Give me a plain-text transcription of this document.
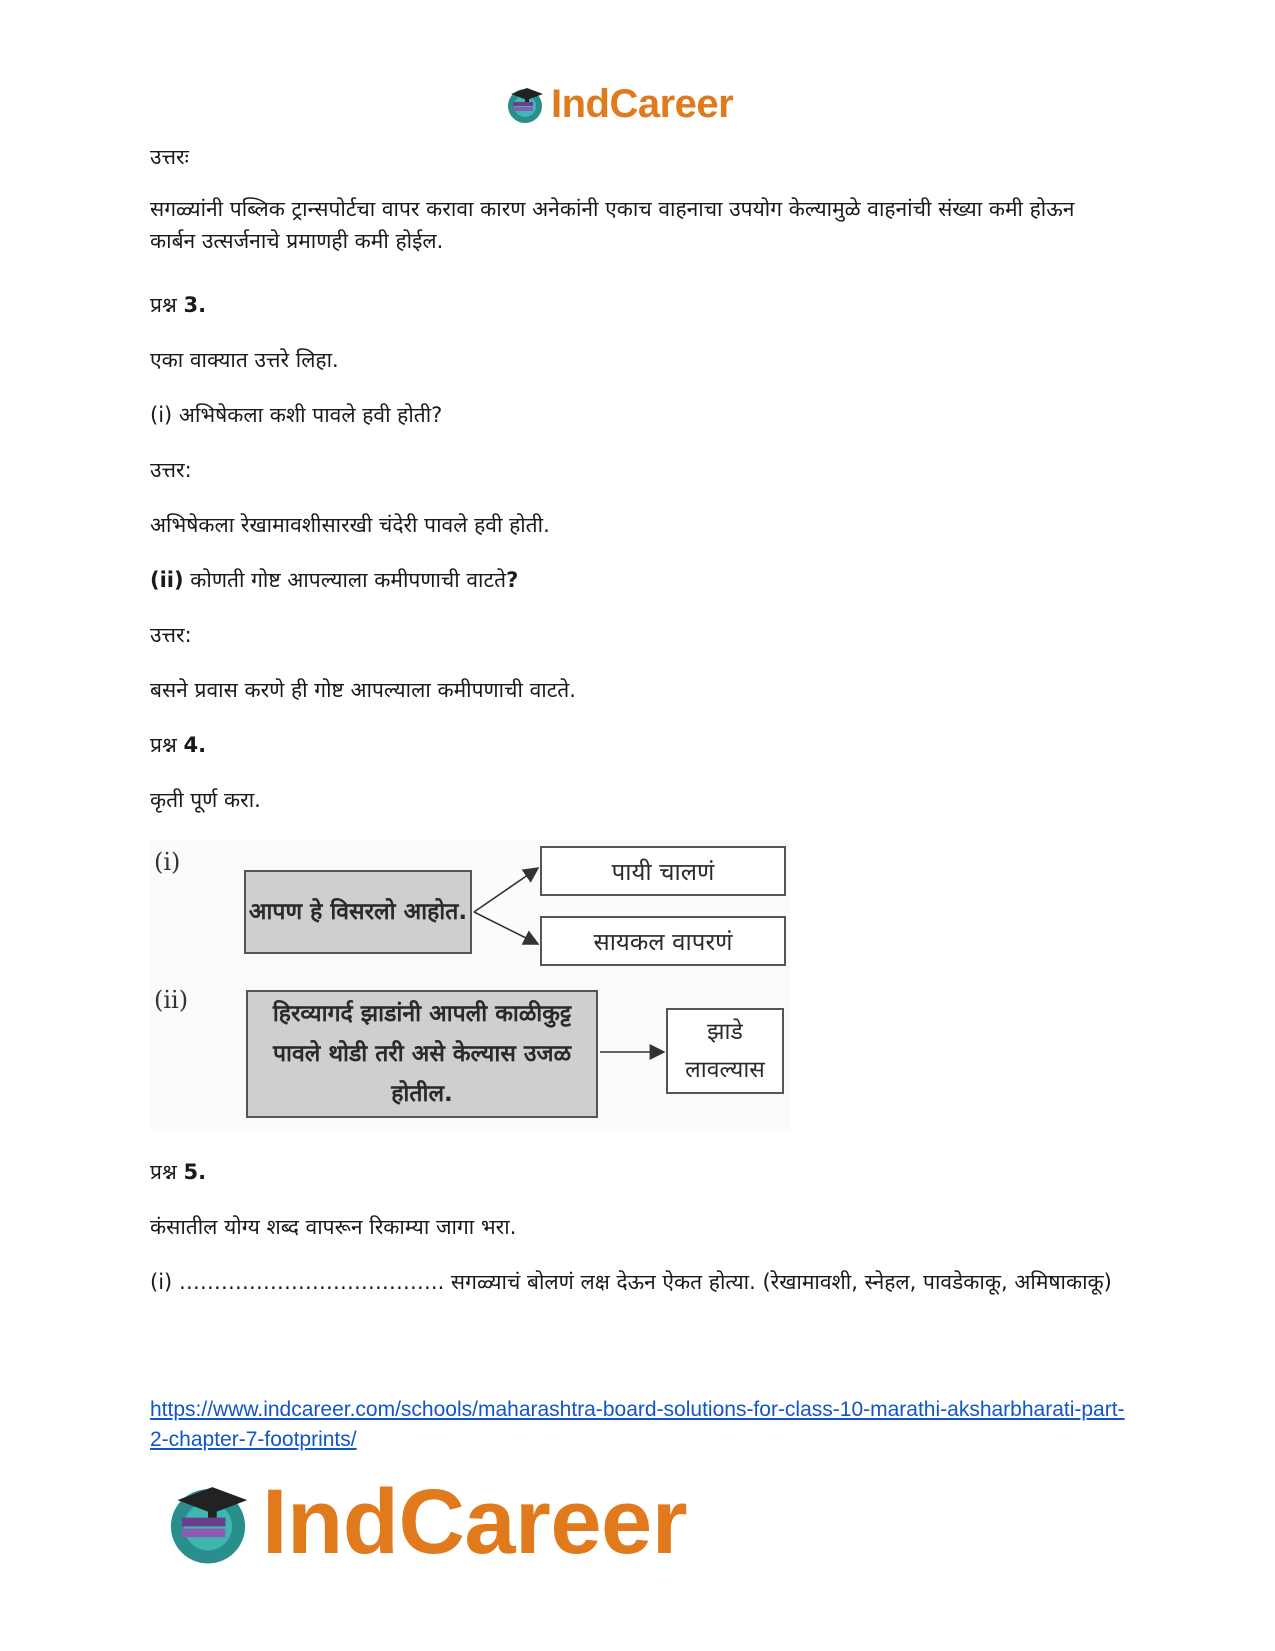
IndCareer

उत्तरः

सगळ्यांनी पब्लिक ट्रान्सपोर्टचा वापर करावा कारण अनेकांनी एकाच वाहनाचा उपयोग केल्यामुळे वाहनांची संख्या कमी होऊन कार्बन उत्सर्जनाचे प्रमाणही कमी होईल.

प्रश्न 3.

एका वाक्यात उत्तरे लिहा.

(i) अभिषेकला कशी पावले हवी होती?

उत्तर:

अभिषेकला रेखामावशीसारखी चंदेरी पावले हवी होती.

(ii) कोणती गोष्ट आपल्याला कमीपणाची वाटते?

उत्तर:

बसने प्रवास करणे ही गोष्ट आपल्याला कमीपणाची वाटते.

प्रश्न 4.

कृती पूर्ण करा.

(i)
आपण हे विसरलो आहोत.
पायी चालणं
सायकल वापरणं
(ii)	हिरव्यागर्द झाडांनी आपली काळीकुट्ट पावले थोडी तरी असे केल्यास उजळ होतील.
झाडे लावल्यास

प्रश्न 5.

कंसातील योग्य शब्द वापरून रिकाम्या जागा भरा.

(i) ……………………………….. सगळ्याचं बोलणं लक्ष देऊन ऐकत होत्या. (रेखामावशी, स्नेहल, पावडेकाकू, अमिषाकाकू)

https://www.indcareer.com/schools/maharashtra-board-solutions-for-class-10-marathi-aksharbharati-part-2-chapter-7-footprints/
IndCareer
